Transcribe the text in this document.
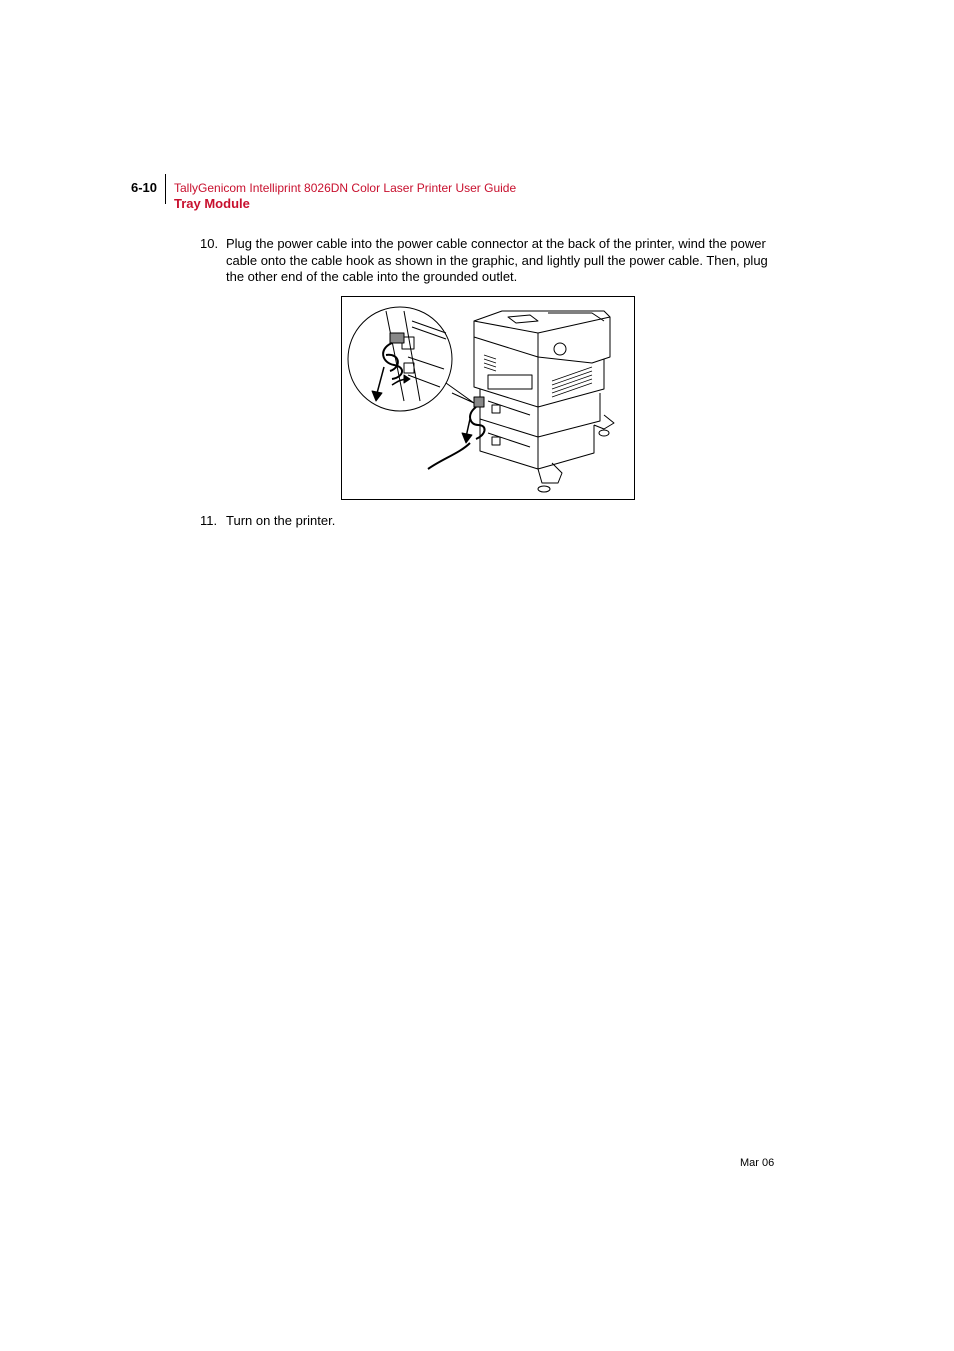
6-10 TallyGenicom Intelliprint 8026DN Color Laser Printer User Guide
Tray Module
10. Plug the power cable into the power cable connector at the back of the printer, wind the power cable onto the cable hook as shown in the graphic, and lightly pull the power cable. Then, plug the other end of the cable into the grounded outlet.
11. Turn on the printer.
Mar 06
